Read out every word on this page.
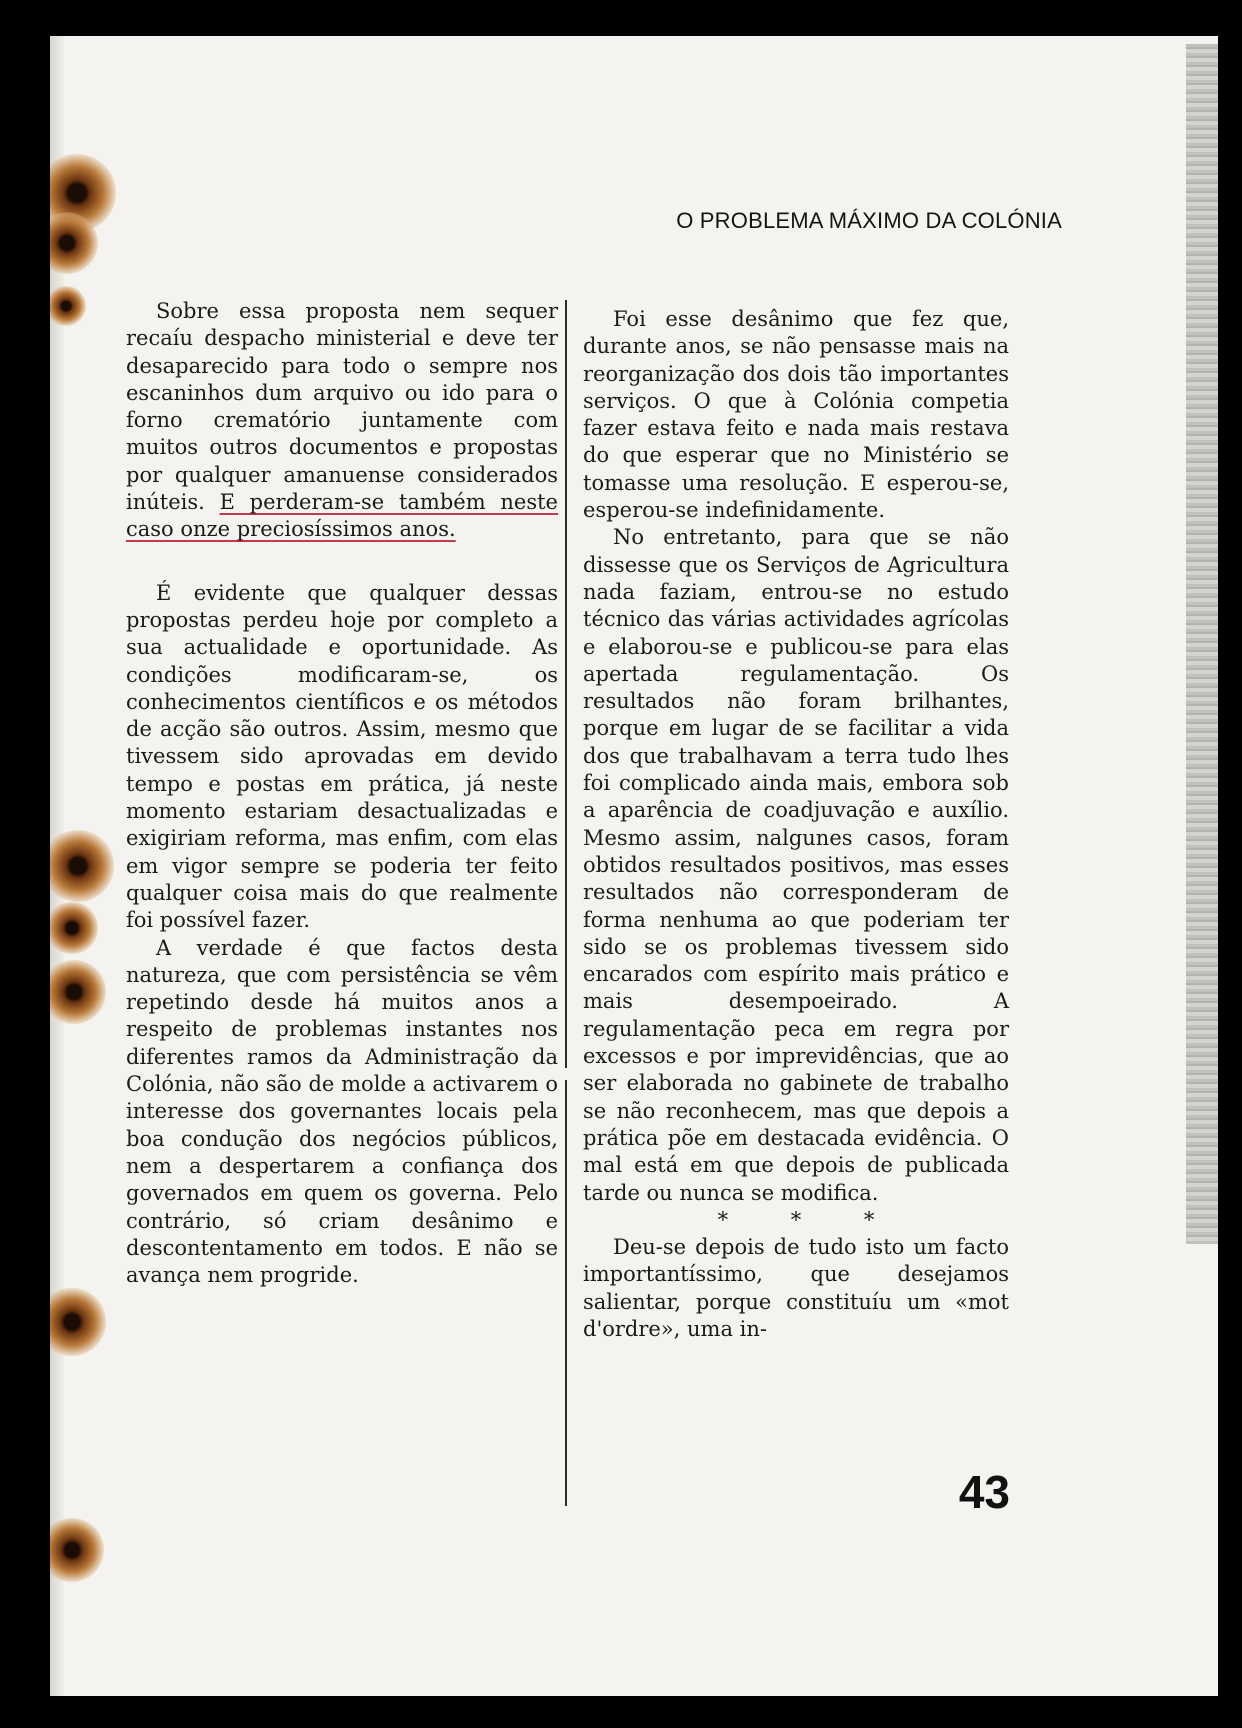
O PROBLEMA MÁXIMO DA COLÓNIA

Sobre essa proposta nem sequer recaíu despacho ministerial e deve ter desaparecido para todo o sempre nos escaninhos dum arquivo ou ido para o forno crematório juntamente com muitos outros documentos e propostas por qualquer amanuense considerados inúteis. E perderam-se também neste caso onze preciosíssimos anos.

É evidente que qualquer dessas propostas perdeu hoje por completo a sua actualidade e oportunidade. As condições modificaram-se, os conhecimentos científicos e os métodos de acção são outros. Assim, mesmo que tivessem sido aprovadas em devido tempo e postas em prática, já neste momento estariam desactualizadas e exigiriam reforma, mas enfim, com elas em vigor sempre se poderia ter feito qualquer coisa mais do que realmente foi possível fazer.

A verdade é que factos desta natureza, que com persistência se vêm repetindo desde há muitos anos a respeito de problemas instantes nos diferentes ramos da Administração da Colónia, não são de molde a activarem o interesse dos governantes locais pela boa condução dos negócios públicos, nem a despertarem a confiança dos governados em quem os governa. Pelo contrário, só criam desânimo e descontentamento em todos. E não se avança nem progride.

Foi esse desânimo que fez que, durante anos, se não pensasse mais na reorganização dos dois tão importantes serviços. O que à Colónia competia fazer estava feito e nada mais restava do que esperar que no Ministério se tomasse uma resolução. E esperou-se, esperou-se indefinidamente.

No entretanto, para que se não dissesse que os Serviços de Agricultura nada faziam, entrou-se no estudo técnico das várias actividades agrícolas e elaborou-se e publicou-se para elas apertada regulamentação. Os resultados não foram brilhantes, porque em lugar de se facilitar a vida dos que trabalhavam a terra tudo lhes foi complicado ainda mais, embora sob a aparência de coadjuvação e auxílio. Mesmo assim, nalgunes casos, foram obtidos resultados positivos, mas esses resultados não corresponderam de forma nenhuma ao que poderiam ter sido se os problemas tivessem sido encarados com espírito mais prático e mais desempoeirado. A regulamentação peca em regra por excessos e por imprevidências, que ao ser elaborada no gabinete de trabalho se não reconhecem, mas que depois a prática põe em destacada evidência. O mal está em que depois de publicada tarde ou nunca se modifica.

* * *

Deu-se depois de tudo isto um facto importantíssimo, que desejamos salientar, porque constituíu um «mot d'ordre», uma in-

43
